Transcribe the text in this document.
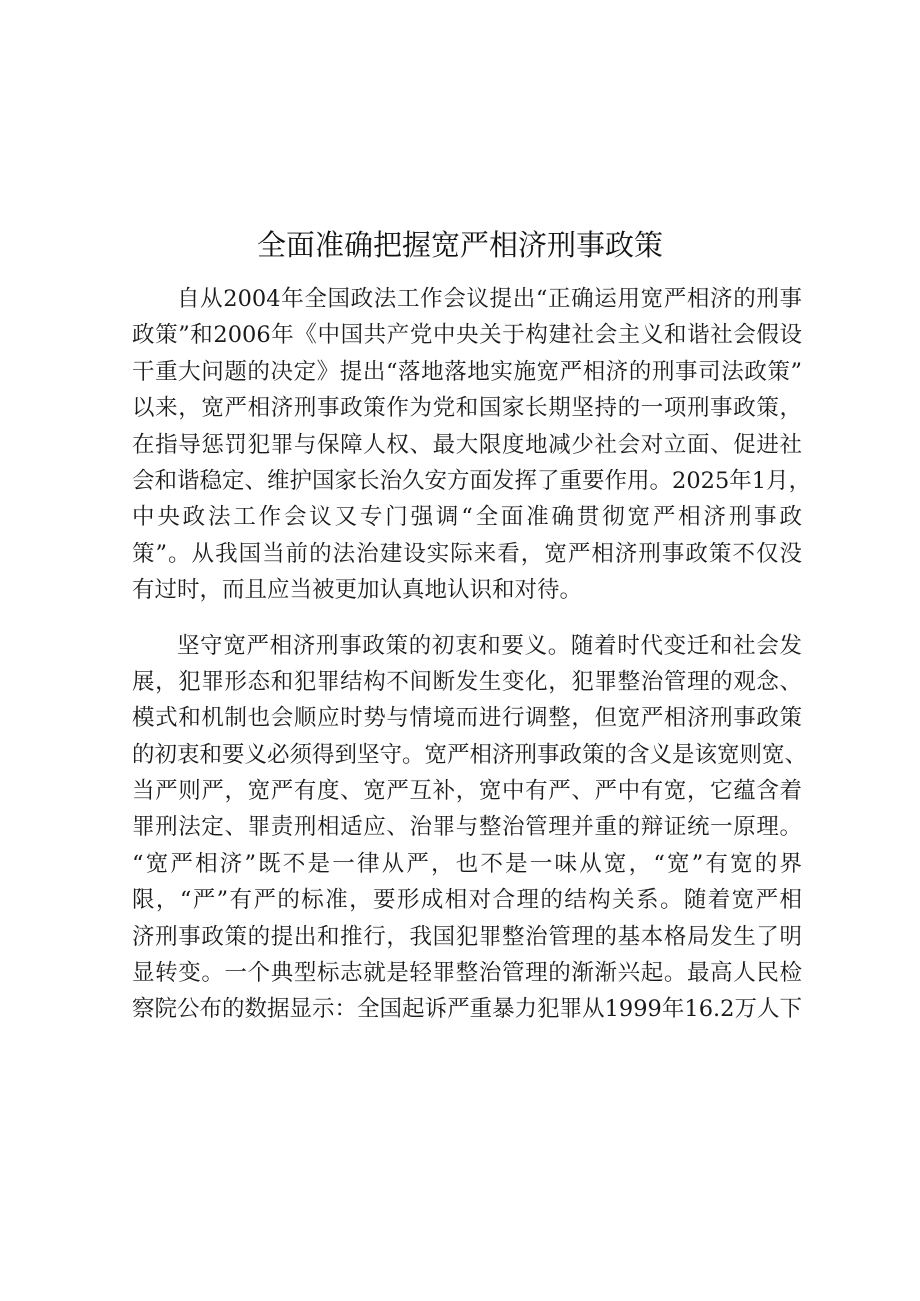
全面准确把握宽严相济刑事政策
自从2004年全国政法工作会议提出“正确运用宽严相济的刑事
政策”和2006年《中国共产党中央关于构建社会主义和谐社会假设
干重大问题的决定》提出“落地落地实施宽严相济的刑事司法政策”
以来，宽严相济刑事政策作为党和国家长期坚持的一项刑事政策，
在指导惩罚犯罪与保障人权、最大限度地减少社会对立面、促进社
会和谐稳定、维护国家长治久安方面发挥了重要作用。2025年1月，
中央政法工作会议又专门强调“全面准确贯彻宽严相济刑事政
策”。从我国当前的法治建设实际来看，宽严相济刑事政策不仅没
有过时，而且应当被更加认真地认识和对待。
坚守宽严相济刑事政策的初衷和要义。随着时代变迁和社会发
展，犯罪形态和犯罪结构不间断发生变化，犯罪整治管理的观念、
模式和机制也会顺应时势与情境而进行调整，但宽严相济刑事政策
的初衷和要义必须得到坚守。宽严相济刑事政策的含义是该宽则宽、
当严则严，宽严有度、宽严互补，宽中有严、严中有宽，它蕴含着
罪刑法定、罪责刑相适应、治罪与整治管理并重的辩证统一原理。
“宽严相济”既不是一律从严，也不是一味从宽，“宽”有宽的界
限，“严”有严的标准，要形成相对合理的结构关系。随着宽严相
济刑事政策的提出和推行，我国犯罪整治管理的基本格局发生了明
显转变。一个典型标志就是轻罪整治管理的渐渐兴起。最高人民检
察院公布的数据显示：全国起诉严重暴力犯罪从1999年16.2万人下
